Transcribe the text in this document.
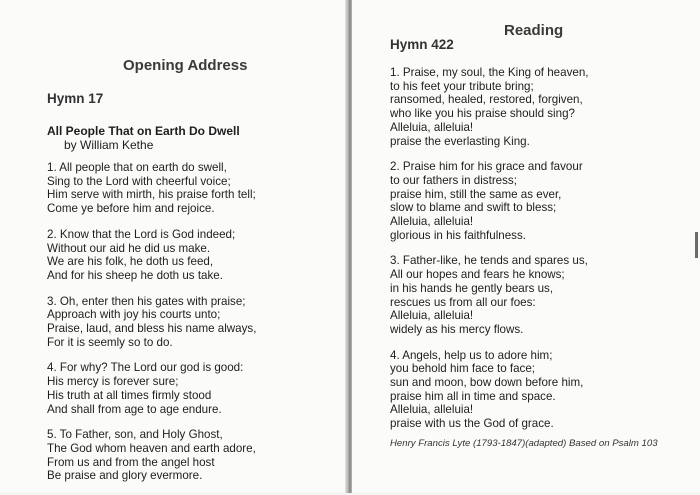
Opening Address
Hymn 17
All People That on Earth Do Dwell
by William Kethe

1. All people that on earth do swell,
Sing to the Lord with cheerful voice;
Him serve with mirth, his praise forth tell;
Come ye before him and rejoice.

2. Know that the Lord is God indeed;
Without our aid he did us make.
We are his folk, he doth us feed,
And for his sheep he doth us take.

3. Oh, enter then his gates with praise;
Approach with joy his courts unto;
Praise, laud, and bless his name always,
For it is seemly so to do.

4. For why? The Lord our god is good:
His mercy is forever sure;
His truth at all times firmly stood
And shall from age to age endure.

5. To Father, son, and Holy Ghost,
The God whom heaven and earth adore,
From us and from the angel host
Be praise and glory evermore.

Reading
Hymn 422

1. Praise, my soul, the King of heaven,
to his feet your tribute bring;
ransomed, healed, restored, forgiven,
who like you his praise should sing?
Alleluia, alleluia!
praise the everlasting King.

2. Praise him for his grace and favour
to our fathers in distress;
praise him, still the same as ever,
slow to blame and swift to bless;
Alleluia, alleluia!
glorious in his faithfulness.

3. Father-like, he tends and spares us,
All our hopes and fears he knows;
in his hands he gently bears us,
rescues us from all our foes:
Alleluia, alleluia!
widely as his mercy flows.

4. Angels, help us to adore him;
you behold him face to face;
sun and moon, bow down before him,
praise him all in time and space.
Alleluia, alleluia!
praise with us the God of grace.

Henry Francis Lyte (1793-1847)(adapted) Based on Psalm 103
